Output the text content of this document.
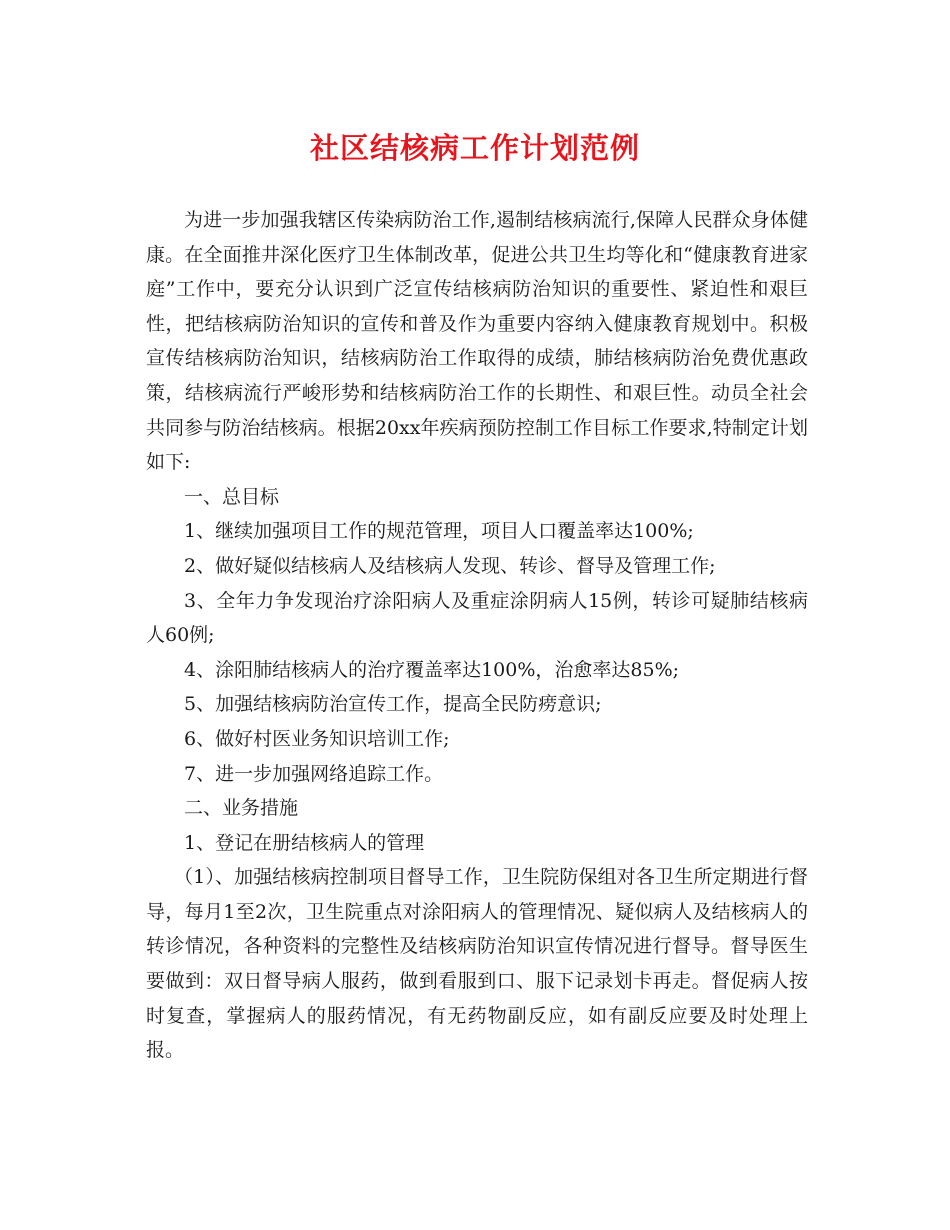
社区结核病工作计划范例

为进一步加强我辖区传染病防治工作,遏制结核病流行,保障人民群众身体健康。在全面推井深化医疗卫生体制改革，促进公共卫生均等化和“健康教育进家庭”工作中，要充分认识到广泛宣传结核病防治知识的重要性、紧迫性和艰巨性，把结核病防治知识的宣传和普及作为重要内容纳入健康教育规划中。积极宣传结核病防治知识，结核病防治工作取得的成绩，肺结核病防治免费优惠政策，结核病流行严峻形势和结核病防治工作的长期性、和艰巨性。动员全社会共同参与防治结核病。根据20xx年疾病预防控制工作目标工作要求,特制定计划如下:

一、总目标

1、继续加强项目工作的规范管理，项目人口覆盖率达100%;

2、做好疑似结核病人及结核病人发现、转诊、督导及管理工作;

3、全年力争发现治疗涂阳病人及重症涂阴病人15例，转诊可疑肺结核病人60例;

4、涂阳肺结核病人的治疗覆盖率达100%，治愈率达85%;

5、加强结核病防治宣传工作，提高全民防痨意识;

6、做好村医业务知识培训工作;

7、进一步加强网络追踪工作。

二、业务措施

1、登记在册结核病人的管理

（1）、加强结核病控制项目督导工作，卫生院防保组对各卫生所定期进行督导，每月1至2次，卫生院重点对涂阳病人的管理情况、疑似病人及结核病人的转诊情况，各种资料的完整性及结核病防治知识宣传情况进行督导。督导医生要做到：双日督导病人服药，做到看服到口、服下记录划卡再走。督促病人按时复查，掌握病人的服药情况，有无药物副反应，如有副反应要及时处理上报。
